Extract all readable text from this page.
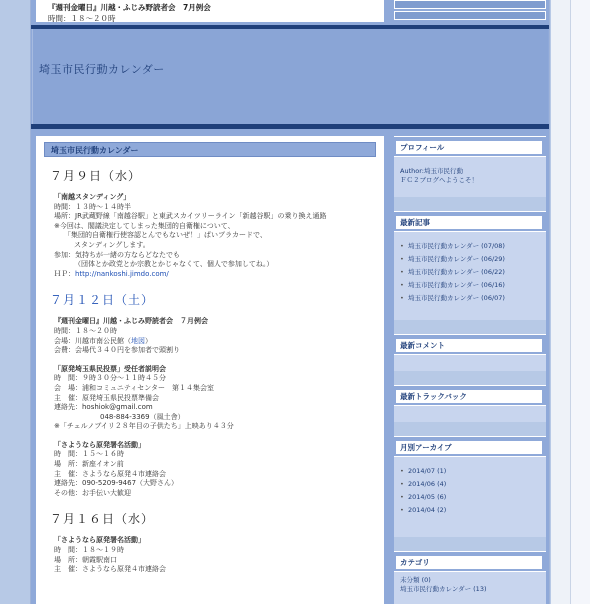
『週刊金曜日』川越・ふじみ野読者会　7月例会
時間：１８～２０時
埼玉市民行動カレンダー
埼玉市民行動カレンダー
７月９日（水）
「南越スタンディング」
時間：１３時～１４時半
場所：JR武蔵野線「南越谷駅」と東武スカイツリーライン「新越谷駅」の乗り換え通路
※今回は、閣議決定してしまった集団的自衛権について、
「集団的自衛権行使容認とんでもないぜ！」ぱいブラカードで、
スタンディングします。
参加：気持ちが一緒の方ならどなたでも
（団体とか政党とか宗教とかじゃなくて、個人で参加してね。）
ＨＰ：http://nankoshi.jimdo.com/
７月１２日（土）
『週刊金曜日』川越・ふじみ野読者会　７月例会
時間：１８～２０時
会場：川越市南公民館（地図）
会費：会場代３４０円を参加者で頭割り
「原発埼玉県民投票」受任者説明会
時　間：９時３０分～１１時４５分
会　場：浦和コミュニティセンター　第１４集会室
主　催：原発埼玉県民投票準備会
連絡先：hoshiok@gmail.com
048‐884‐3369（風土舎）
※「チェルノブイリ２８年目の子供たち」上映あり４３分
「さようなら原発署名活動」
時　間：１５～１６時
場　所：新座イオン前
主　催：さようなら原発４市連絡会
連絡先：090-5209-9467（大野さん）
その他：お手伝い大歓迎
７月１６日（水）
「さようなら原発署名活動」
時　間：１８～１９時
場　所：朝霞駅南口
主　催：さようなら原発４市連絡会
プロフィール
Author:埼玉市民行動
ＦＣ２ブログへようこそ！
最新記事
• 埼玉市民行動カレンダー (07/08)
• 埼玉市民行動カレンダー (06/29)
• 埼玉市民行動カレンダー (06/22)
• 埼玉市民行動カレンダー (06/16)
• 埼玉市民行動カレンダー (06/07)
最新コメント
最新トラックバック
月別アーカイブ
• 2014/07 (1)
• 2014/06 (4)
• 2014/05 (6)
• 2014/04 (2)
カテゴリ
未分類 (0)
埼玉市民行動カレンダー (13)
